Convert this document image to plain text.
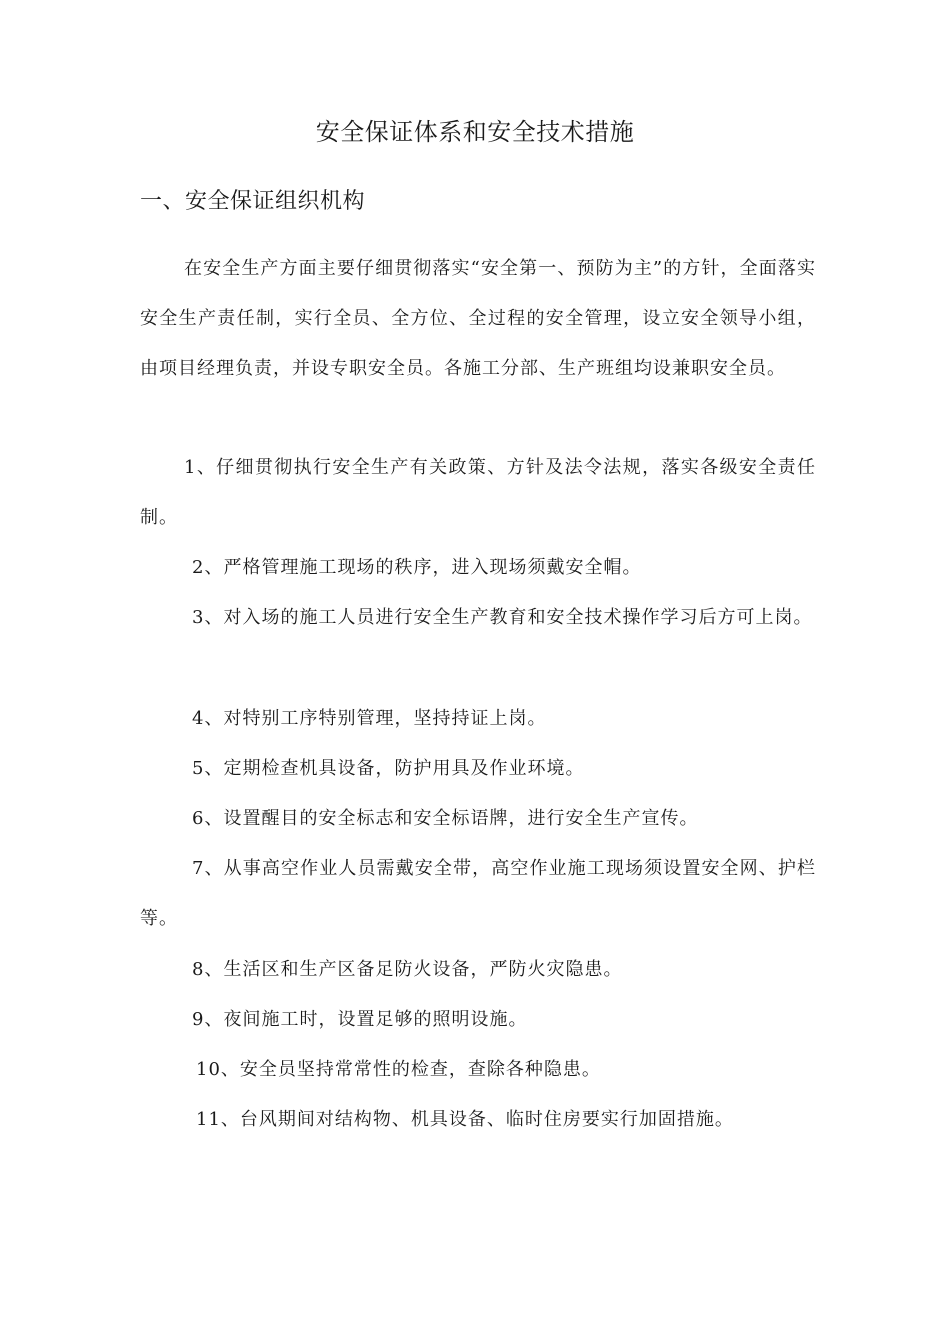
安全保证体系和安全技术措施
一、安全保证组织机构

在安全生产方面主要仔细贯彻落实“安全第一、预防为主”的方针，全面落实安全生产责任制，实行全员、全方位、全过程的安全管理，设立安全领导小组，由项目经理负责，并设专职安全员。各施工分部、生产班组均设兼职安全员。

1、仔细贯彻执行安全生产有关政策、方针及法令法规，落实各级安全责任制。

2、严格管理施工现场的秩序，进入现场须戴安全帽。

3、对入场的施工人员进行安全生产教育和安全技术操作学习后方可上岗。

4、对特别工序特别管理，坚持持证上岗。

5、定期检查机具设备，防护用具及作业环境。

6、设置醒目的安全标志和安全标语牌，进行安全生产宣传。

7、从事高空作业人员需戴安全带，高空作业施工现场须设置安全网、护栏等。

8、生活区和生产区备足防火设备，严防火灾隐患。

9、夜间施工时，设置足够的照明设施。

10、安全员坚持常常性的检查，查除各种隐患。

11、台风期间对结构物、机具设备、临时住房要实行加固措施。
